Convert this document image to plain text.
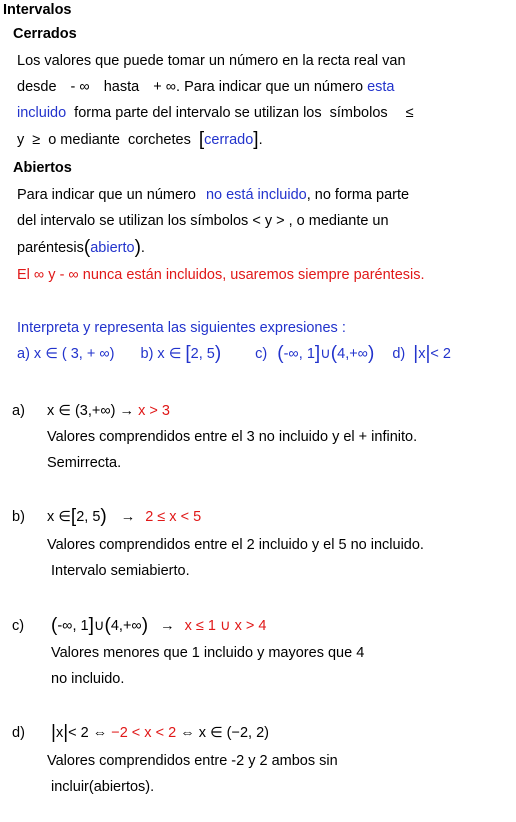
Intervalos
Cerrados
Los valores que puede tomar un número en la recta real van
desde - ∞ hasta + ∞. Para indicar que un número esta
incluido forma parte del intervalo se utilizan los símbolos ≤
y ≥ o mediante corchetes [cerrado].
Abiertos
Para indicar que un número no está incluido, no forma parte
del intervalo se utilizan los símbolos < y > , o mediante un
paréntesis(abierto).
El ∞ y - ∞ nunca están incluidos, usaremos siempre paréntesis.
Interpreta y representa las siguientes expresiones :
a) x ∈ ( 3, + ∞) b) x ∈ [2, 5) c) (-∞, 1]∪(4,+∞) d) |x|< 2
a) x ∈ (3,+∞) → x > 3
Valores comprendidos entre el 3 no incluido y el + infinito.
Semirrecta.
b) x ∈[2, 5) → 2 ≤ x < 5
Valores comprendidos entre el 2 incluido y el 5 no incluido.
Intervalo semiabierto.
c) (-∞, 1]∪(4,+∞) → x ≤ 1 ∪ x > 4
Valores menores que 1 incluido y mayores que 4
no incluido.
d) |x|< 2 ⇔ −2 < x < 2 ⇔ x ∈ (−2, 2)
Valores comprendidos entre -2 y 2 ambos sin
incluir(abiertos).
